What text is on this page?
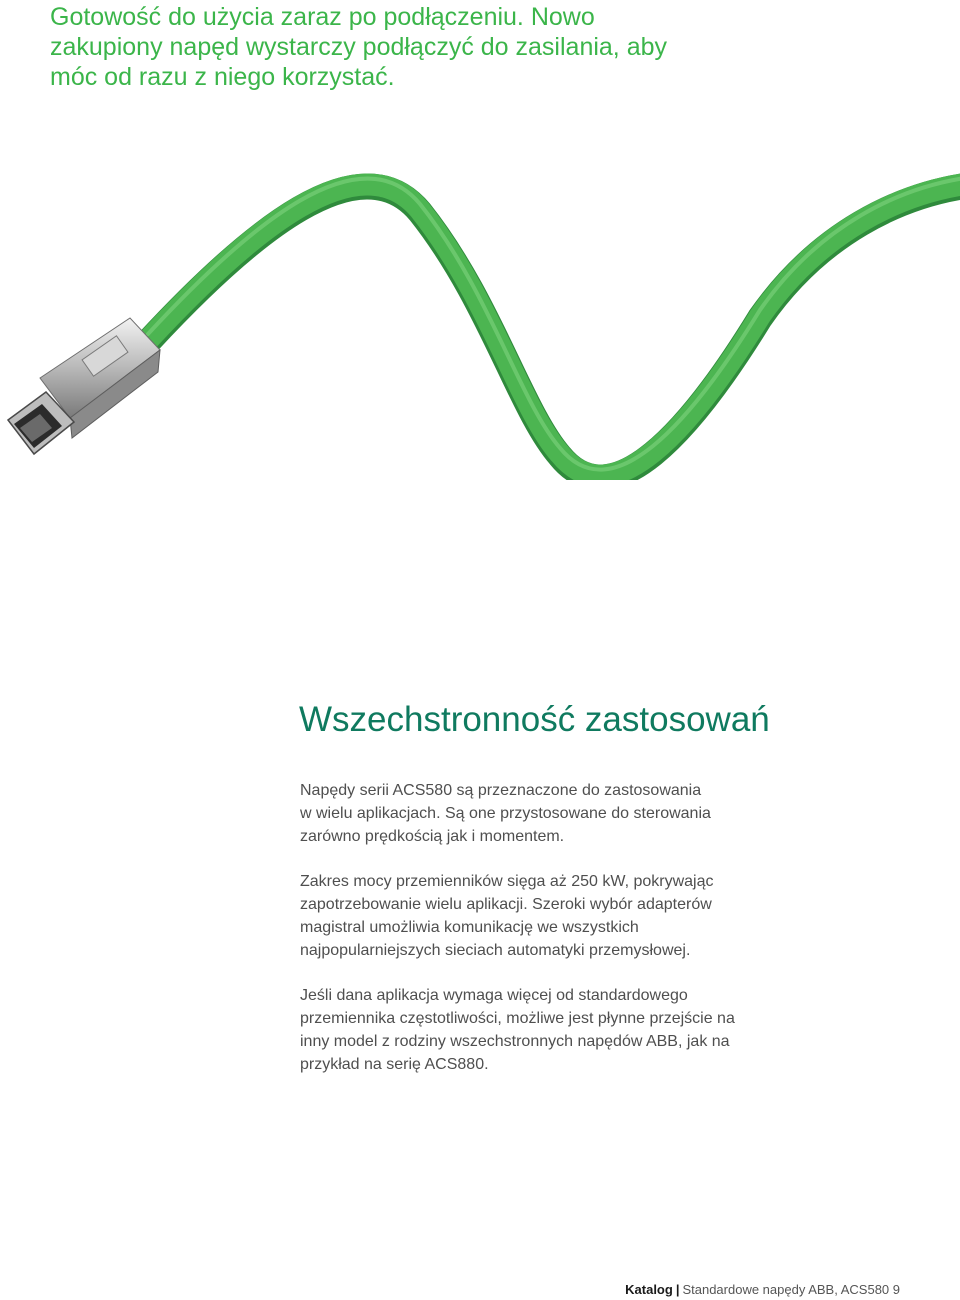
Gotowość do użycia zaraz po podłączeniu. Nowo
zakupiony napęd wystarczy podłączyć do zasilania, aby
móc od razu z niego korzystać.
Wszechstronność zastosowań

Napędy serii ACS580 są przeznaczone do zastosowania
w wielu aplikacjach. Są one przystosowane do sterowania
zarówno prędkością jak i momentem.

Zakres mocy przemienników sięga aż 250 kW, pokrywając
zapotrzebowanie wielu aplikacji. Szeroki wybór adapterów
magistral umożliwia komunikację we wszystkich
najpopularniejszych sieciach automatyki przemysłowej.

Jeśli dana aplikacja wymaga więcej od standardowego
przemiennika częstotliwości, możliwe jest płynne przejście na
inny model z rodziny wszechstronnych napędów ABB, jak na
przykład na serię ACS880.

Katalog | Standardowe napędy ABB, ACS580 9
